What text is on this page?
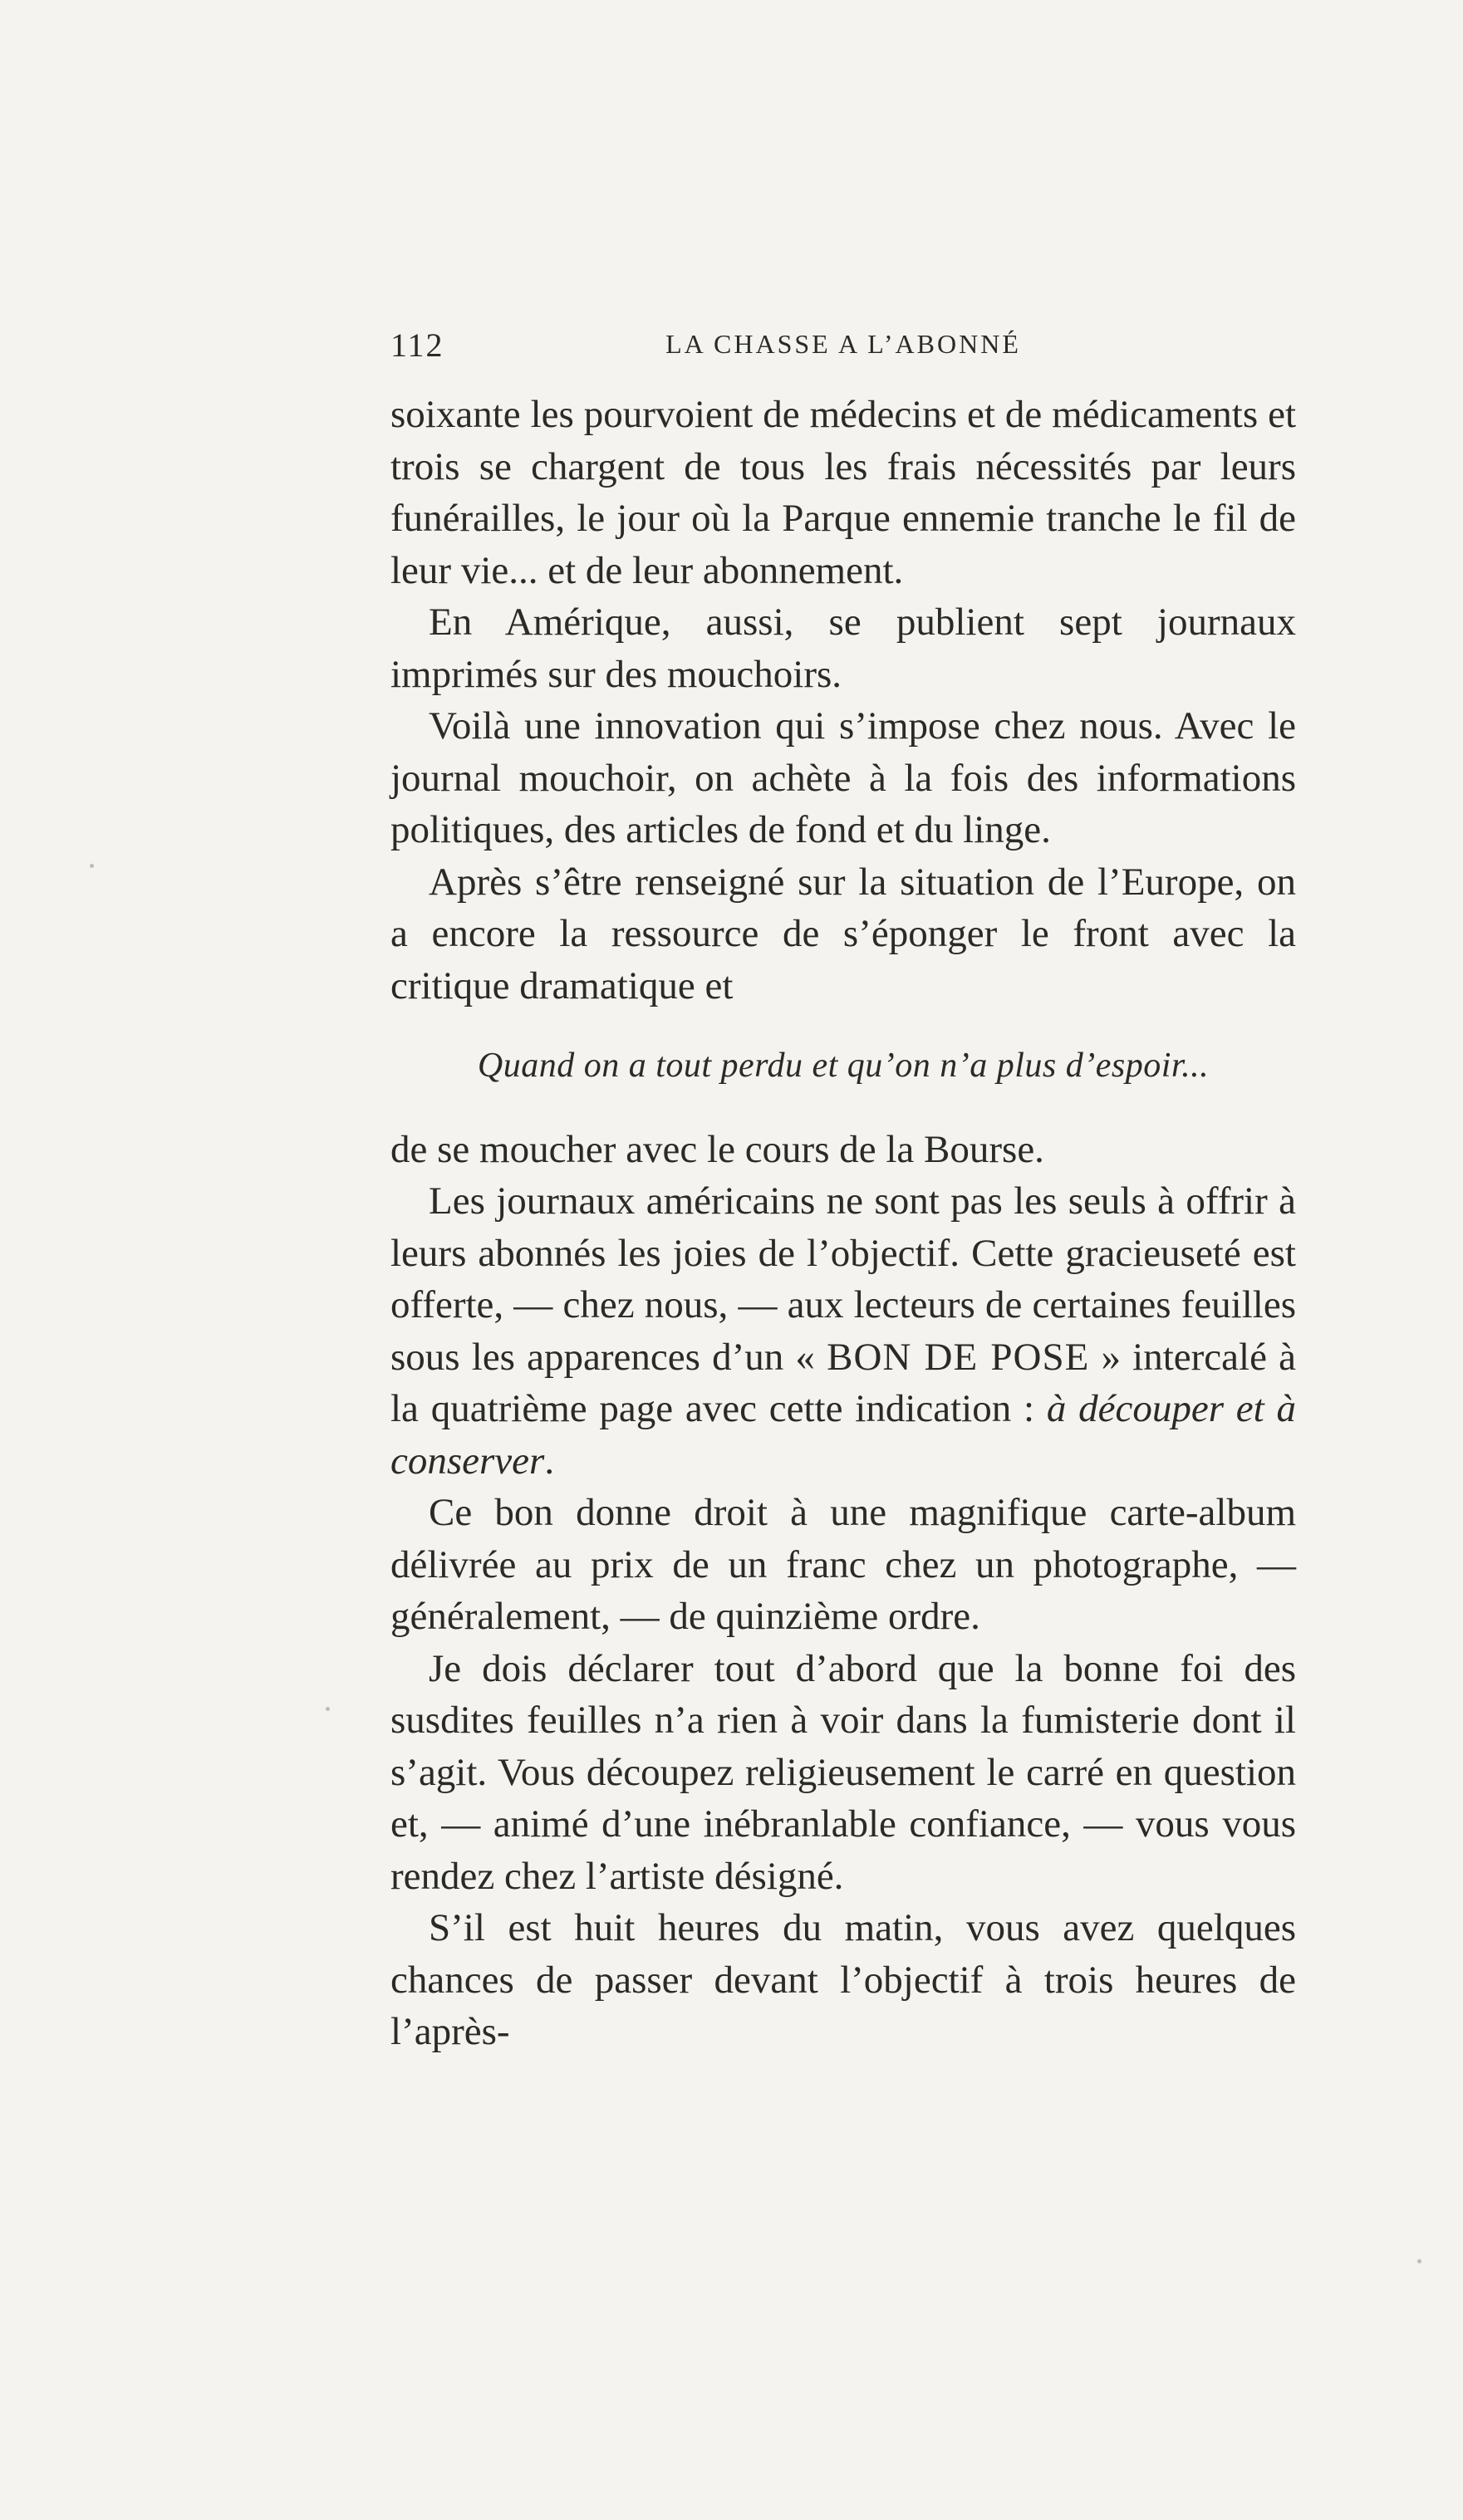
112	LA CHASSE A L’ABONNÉ

soixante les pourvoient de médecins et de médicaments et trois se chargent de tous les frais nécessités par leurs funérailles, le jour où la Parque ennemie tranche le fil de leur vie... et de leur abonnement.

En Amérique, aussi, se publient sept journaux imprimés sur des mouchoirs.

Voilà une innovation qui s’impose chez nous. Avec le journal mouchoir, on achète à la fois des informations politiques, des articles de fond et du linge.

Après s’être renseigné sur la situation de l’Europe, on a encore la ressource de s’éponger le front avec la critique dramatique et

Quand on a tout perdu et qu’on n’a plus d’espoir...

de se moucher avec le cours de la Bourse.

Les journaux américains ne sont pas les seuls à offrir à leurs abonnés les joies de l’objectif. Cette gracieuseté est offerte, — chez nous, — aux lecteurs de certaines feuilles sous les apparences d’un « BON DE POSE » intercalé à la quatrième page avec cette indication : à découper et à conserver.

Ce bon donne droit à une magnifique carte-album délivrée au prix de un franc chez un photographe, — généralement, — de quinzième ordre.

Je dois déclarer tout d’abord que la bonne foi des susdites feuilles n’a rien à voir dans la fumisterie dont il s’agit. Vous découpez religieusement le carré en question et, — animé d’une inébranlable confiance, — vous vous rendez chez l’artiste désigné.

S’il est huit heures du matin, vous avez quelques chances de passer devant l’objectif à trois heures de l’après-
